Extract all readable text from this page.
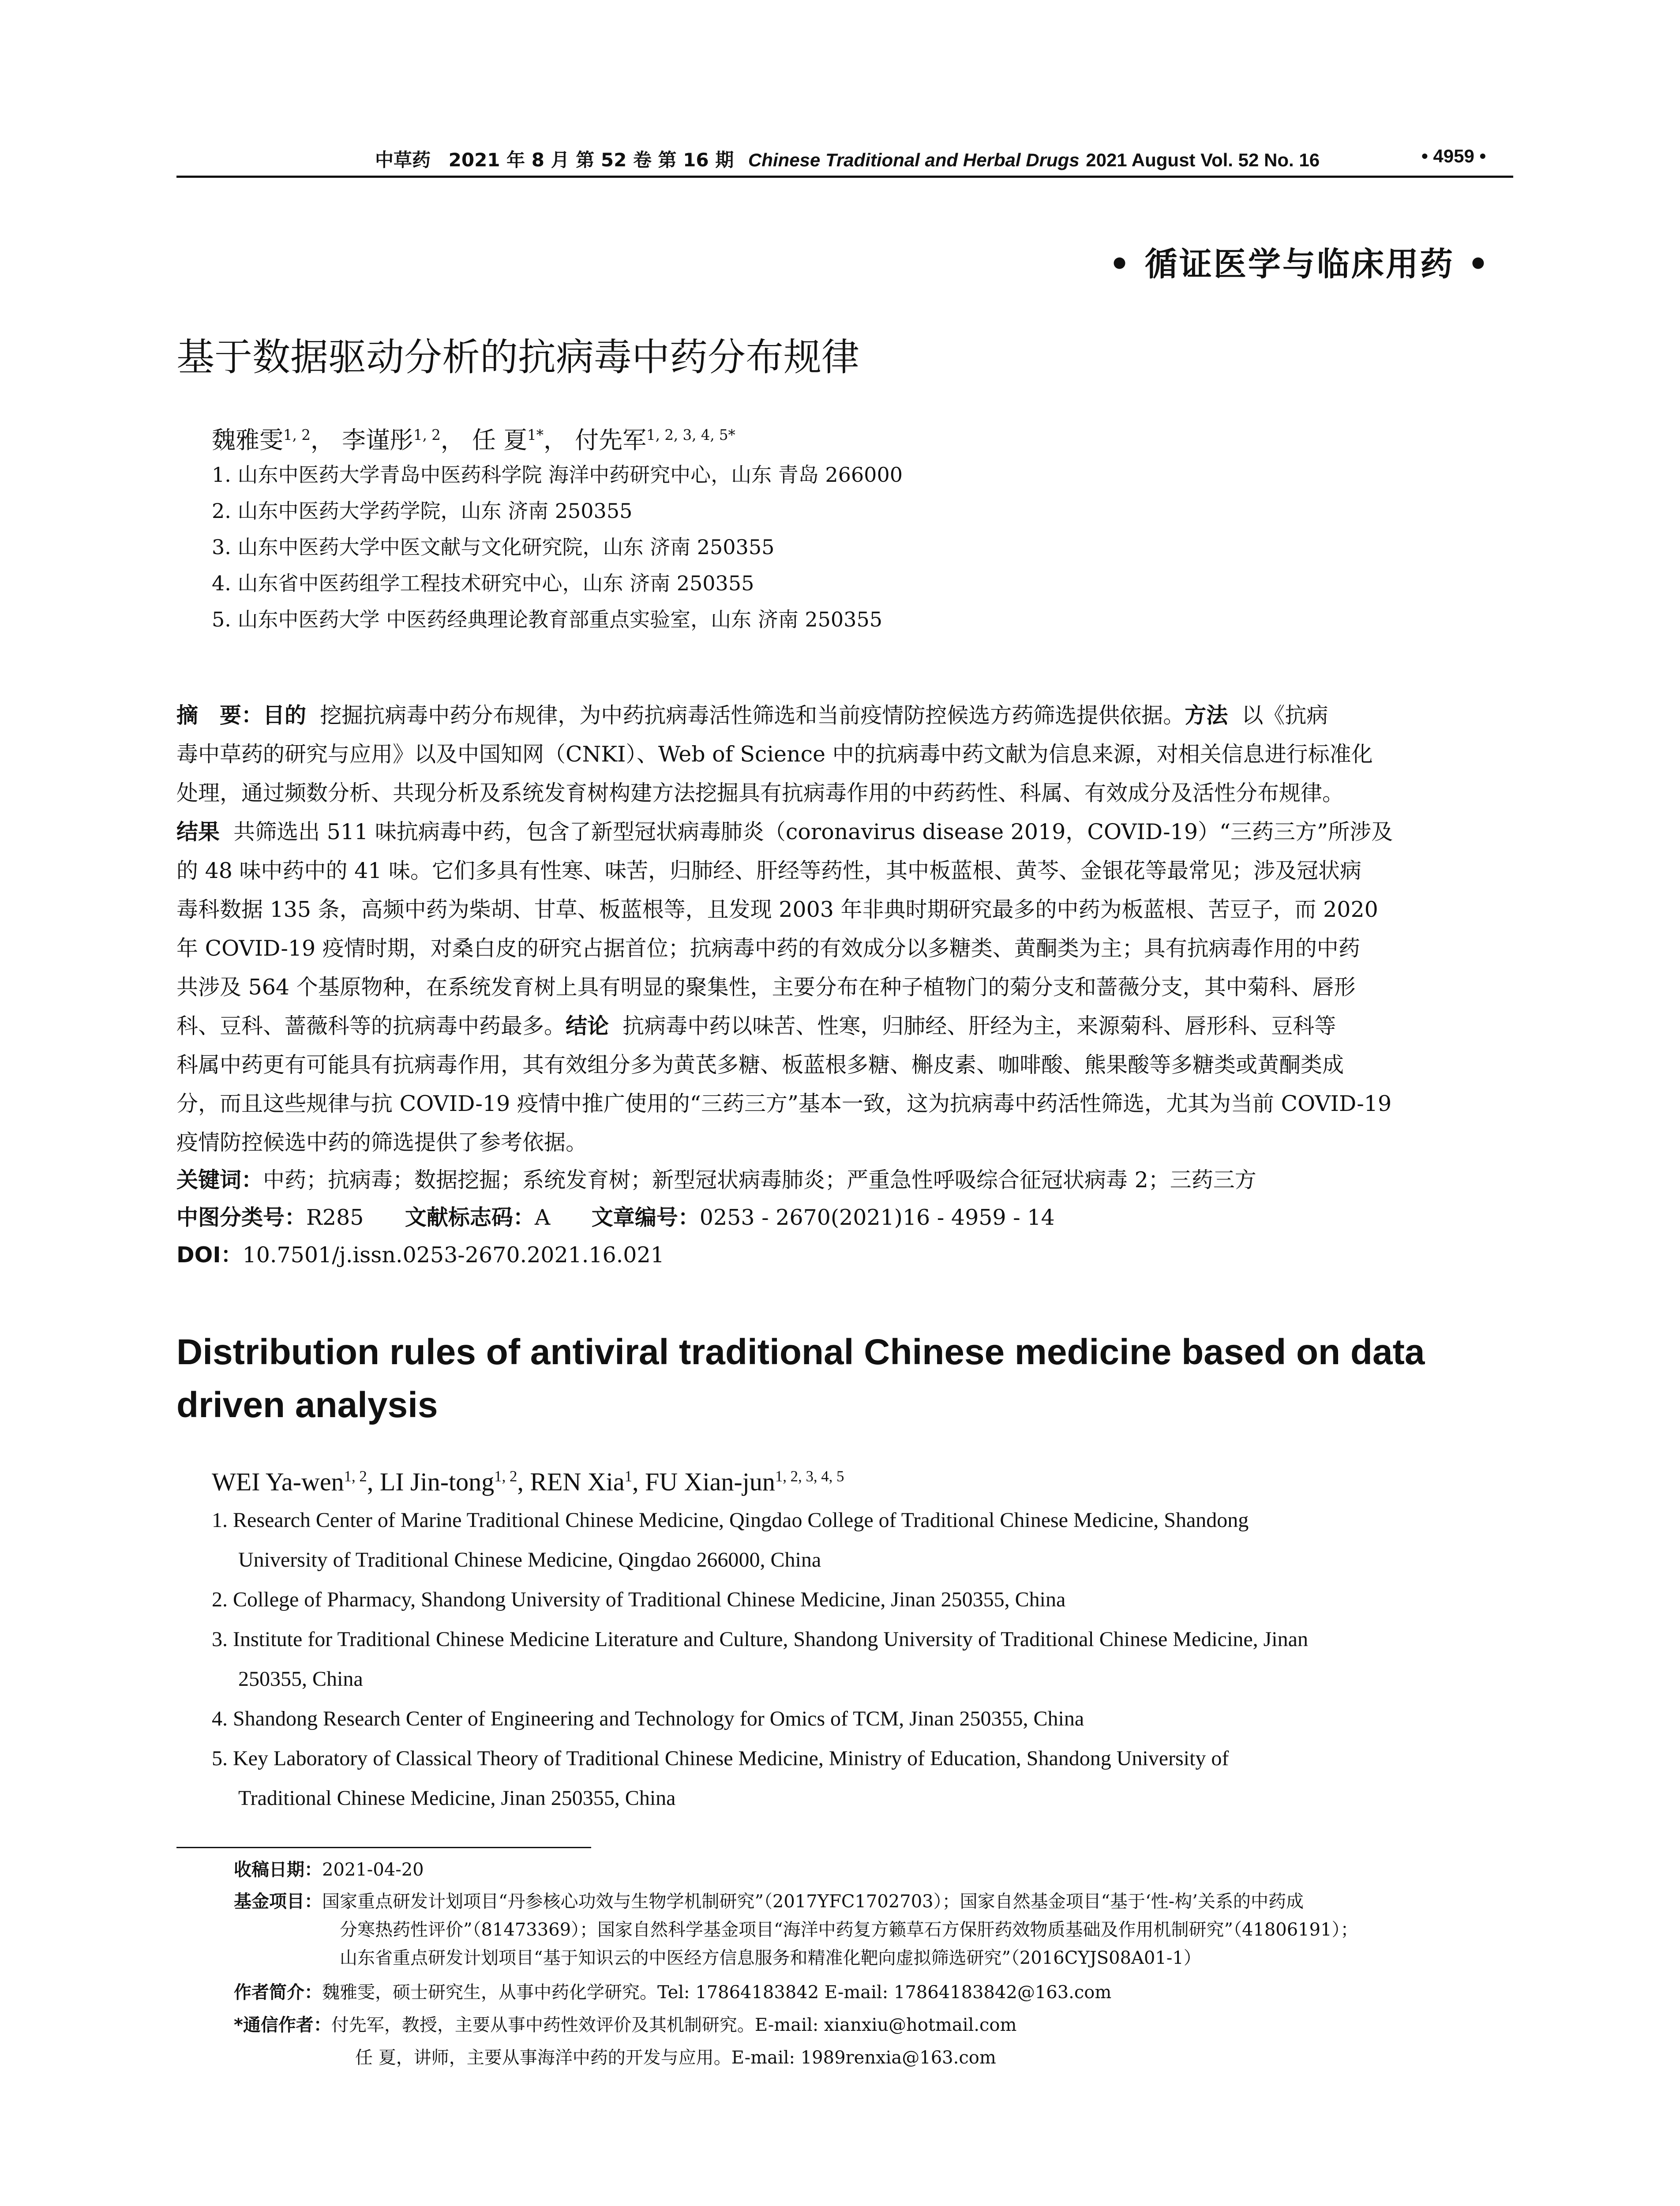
中草药 2021 年 8 月 第 52 卷 第 16 期 Chinese Traditional and Herbal Drugs 2021 August Vol. 52 No. 16	• 4959 •
• 循证医学与临床用药 •
基于数据驱动分析的抗病毒中药分布规律
魏雅雯$^{1, 2}$， 李谨彤$^{1, 2}$， 任 夏$^{1*}$， 付先军$^{1, 2, 3, 4, 5*}$
1. 山东中医药大学青岛中医药科学院 海洋中药研究中心，山东 青岛 266000
2. 山东中医药大学药学院，山东 济南 250355
3. 山东中医药大学中医文献与文化研究院，山东 济南 250355
4. 山东省中医药组学工程技术研究中心，山东 济南 250355
5. 山东中医药大学 中医药经典理论教育部重点实验室，山东 济南 250355
摘　要：目的 挖掘抗病毒中药分布规律，为中药抗病毒活性筛选和当前疫情防控候选方药筛选提供依据。方法 以《抗病
毒中草药的研究与应用》以及中国知网（CNKI）、Web of Science 中的抗病毒中药文献为信息来源，对相关信息进行标准化
处理，通过频数分析、共现分析及系统发育树构建方法挖掘具有抗病毒作用的中药药性、科属、有效成分及活性分布规律。
结果 共筛选出 511 味抗病毒中药，包含了新型冠状病毒肺炎（coronavirus disease 2019，COVID-19）“三药三方”所涉及
的 48 味中药中的 41 味。它们多具有性寒、味苦，归肺经、肝经等药性，其中板蓝根、黄芩、金银花等最常见；涉及冠状病
毒科数据 135 条，高频中药为柴胡、甘草、板蓝根等，且发现 2003 年非典时期研究最多的中药为板蓝根、苦豆子，而 2020
年 COVID-19 疫情时期，对桑白皮的研究占据首位；抗病毒中药的有效成分以多糖类、黄酮类为主；具有抗病毒作用的中药
共涉及 564 个基原物种，在系统发育树上具有明显的聚集性，主要分布在种子植物门的菊分支和蔷薇分支，其中菊科、唇形
科、豆科、蔷薇科等的抗病毒中药最多。结论 抗病毒中药以味苦、性寒，归肺经、肝经为主，来源菊科、唇形科、豆科等
科属中药更有可能具有抗病毒作用，其有效组分多为黄芪多糖、板蓝根多糖、槲皮素、咖啡酸、熊果酸等多糖类或黄酮类成
分，而且这些规律与抗 COVID-19 疫情中推广使用的“三药三方”基本一致，这为抗病毒中药活性筛选，尤其为当前 COVID-19
疫情防控候选中药的筛选提供了参考依据。
关键词：中药；抗病毒；数据挖掘；系统发育树；新型冠状病毒肺炎；严重急性呼吸综合征冠状病毒 2；三药三方
中图分类号：R285 文献标志码：A 文章编号：0253 - 2670(2021)16 - 4959 - 14
DOI：10.7501/j.issn.0253-2670.2021.16.021
Distribution rules of antiviral traditional Chinese medicine based on data driven analysis
WEI Ya-wen$^{1, 2}$, LI Jin-tong$^{1, 2}$, REN Xia$^1$, FU Xian-jun$^{1, 2, 3, 4, 5}$
1. Research Center of Marine Traditional Chinese Medicine, Qingdao College of Traditional Chinese Medicine, Shandong
University of Traditional Chinese Medicine, Qingdao 266000, China
2. College of Pharmacy, Shandong University of Traditional Chinese Medicine, Jinan 250355, China
3. Institute for Traditional Chinese Medicine Literature and Culture, Shandong University of Traditional Chinese Medicine, Jinan
250355, China
4. Shandong Research Center of Engineering and Technology for Omics of TCM, Jinan 250355, China
5. Key Laboratory of Classical Theory of Traditional Chinese Medicine, Ministry of Education, Shandong University of
Traditional Chinese Medicine, Jinan 250355, China
收稿日期：2021-04-20
基金项目：国家重点研发计划项目“丹参核心功效与生物学机制研究”（2017YFC1702703）；国家自然基金项目“基于‘性-构’关系的中药成
分寒热药性评价”（81473369）；国家自然科学基金项目“海洋中药复方籁草石方保肝药效物质基础及作用机制研究”（41806191）；
山东省重点研发计划项目“基于知识云的中医经方信息服务和精准化靶向虚拟筛选研究”（2016CYJS08A01-1）
作者简介：魏雅雯，硕士研究生，从事中药化学研究。Tel: 17864183842 E-mail: 17864183842@163.com
*通信作者：付先军，教授，主要从事中药性效评价及其机制研究。E-mail: xianxiu@hotmail.com
任 夏，讲师，主要从事海洋中药的开发与应用。E-mail: 1989renxia@163.com
